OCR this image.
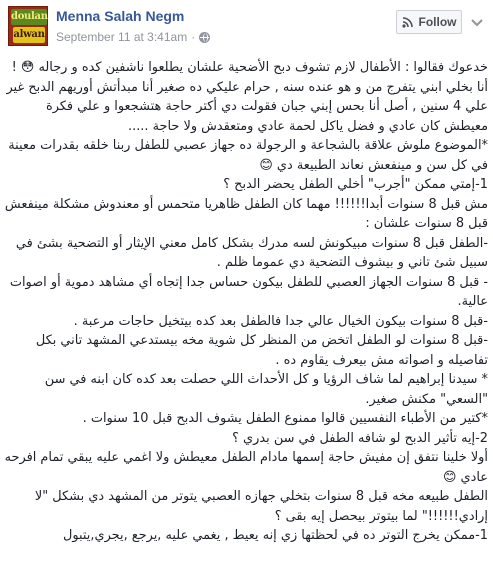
doulan
alwan
Menna Salah Negm
September 11 at 3:41am ·
Follow

خدعوك فقالوا : الأطفال لازم تشوف دبح الأضحية علشان يطلعوا ناشفين كده و رجاله 😳 ! أنا بخلي ابني يتفرج من و هو عنده سنه , حرام عليكي ده صغير أنا مبدأتش أوريهم الدبح غير علي 4 سنين , أصل أنا بحس إبني جبان فقولت دي أكتر حاجة هتشجعوا و علي فكرة معيطش كان عادي و فضل ياكل لحمة عادي ومتعقدش ولا حاجة .....

*الموضوع ملوش علاقة بالشجاعة و الرجولة ده جهاز عصبي للطفل ربنا خلقه بقدرات معينة في كل سن و مينفعش نعاند الطبيعة دي 😊

1-إمتي ممكن "أجرب" أخلي الطفل يحضر الدبح ؟

مش قبل 8 سنوات أبدا!!!!!! مهما كان الطفل ظاهريا متحمس أو معندوش مشكلة مينفعش قبل 8 سنوات علشان :

-الطفل قبل 8 سنوات مبيكونش لسه مدرك بشكل كامل معني الإيثار أو التضحية بشئ في سبيل شئ تاني و بيشوف التضحية دي عموما ظلم .

- قبل 8 سنوات الجهاز العصبي للطفل بيكون حساس جدا إتجاه أي مشاهد دموية أو اصوات عالية.

-قبل 8 سنوات بيكون الخيال عالي جدا فالطفل بعد كده بيتخيل حاجات مرعبة .

-قبل 8 سنوات لو الطفل اتخض من المنظر كل شوية مخه بيستدعي المشهد تاني بكل تفاصيله و اصواته مش بيعرف يقاوم ده .

* سيدنا إبراهيم لما شاف الرؤيا و كل الأحداث اللي حصلت بعد كده كان ابنه في سن "السعي" مكنش صغير.

*كتير من الأطباء النفسيين قالوا ممنوع الطفل يشوف الدبح قبل 10 سنوات .

2-إيه تأثير الدبح لو شافه الطفل في سن بدري ؟

أولا خلينا نتفق إن مفيش حاجة إسمها مادام الطفل معيطش ولا اغمي عليه يبقي تمام افرحه عادي 😊

الطفل طبيعه مخه قبل 8 سنوات بتخلي جهازه العصبي يتوتر من المشهد دي بشكل "لا إرادي!!!!!!" لما بيتوتر بيحصل إيه بقى ؟

1-ممكن يخرج التوتر ده في لحظتها زي إنه يعيط , يغمي عليه ,يرجع ,يجري,يتبول
